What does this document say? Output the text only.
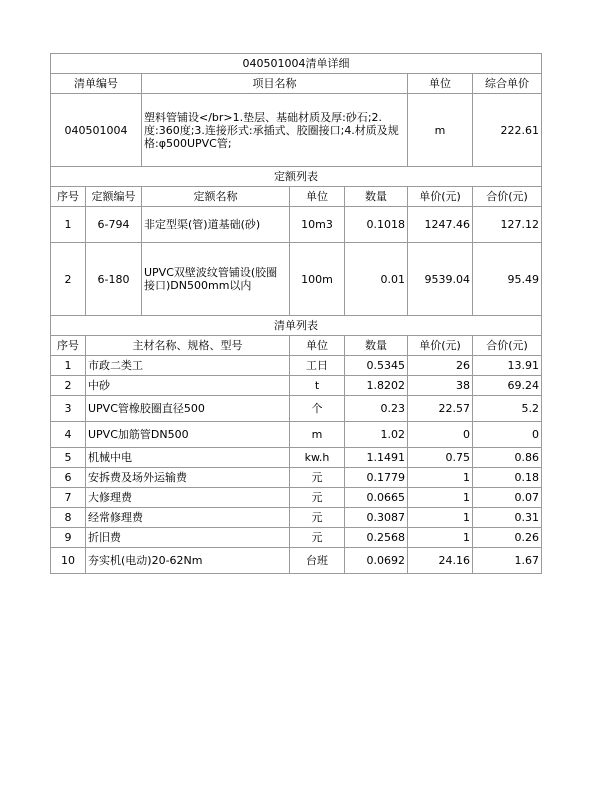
040501004清单详细						
清单编号		项目名称			单位	综合单价
040501004		塑料管铺设</br>1.垫层、基础材质及厚:砂石;2.度:360度;3.连接形式:承插式、胶圈接口;4.材质及规格:φ500UPVC管;			m	222.61
定额列表						
序号	定额编号	定额名称	单位	数量	单价(元)	合价(元)
1	6-794	非定型渠(管)道基础(砂)	10m3	0.1018	1247.46	127.12
2	6-180	UPVC双壁波纹管铺设(胶圈接口)DN500mm以内	100m	0.01	9539.04	95.49
清单列表						
序号	主材名称、规格、型号		单位	数量	单价(元)	合价(元)
1	市政二类工		工日	0.5345	26	13.91
2	中砂		t	1.8202	38	69.24
3	UPVC管橡胶圈直径500		个	0.23	22.57	5.2
4	UPVC加筋管DN500		m	1.02	0	0
5	机械中电		kw.h	1.1491	0.75	0.86
6	安拆费及场外运输费		元	0.1779	1	0.18
7	大修理费		元	0.0665	1	0.07
8	经常修理费		元	0.3087	1	0.31
9	折旧费		元	0.2568	1	0.26
10	夯实机(电动)20-62Nm		台班	0.0692	24.16	1.67
